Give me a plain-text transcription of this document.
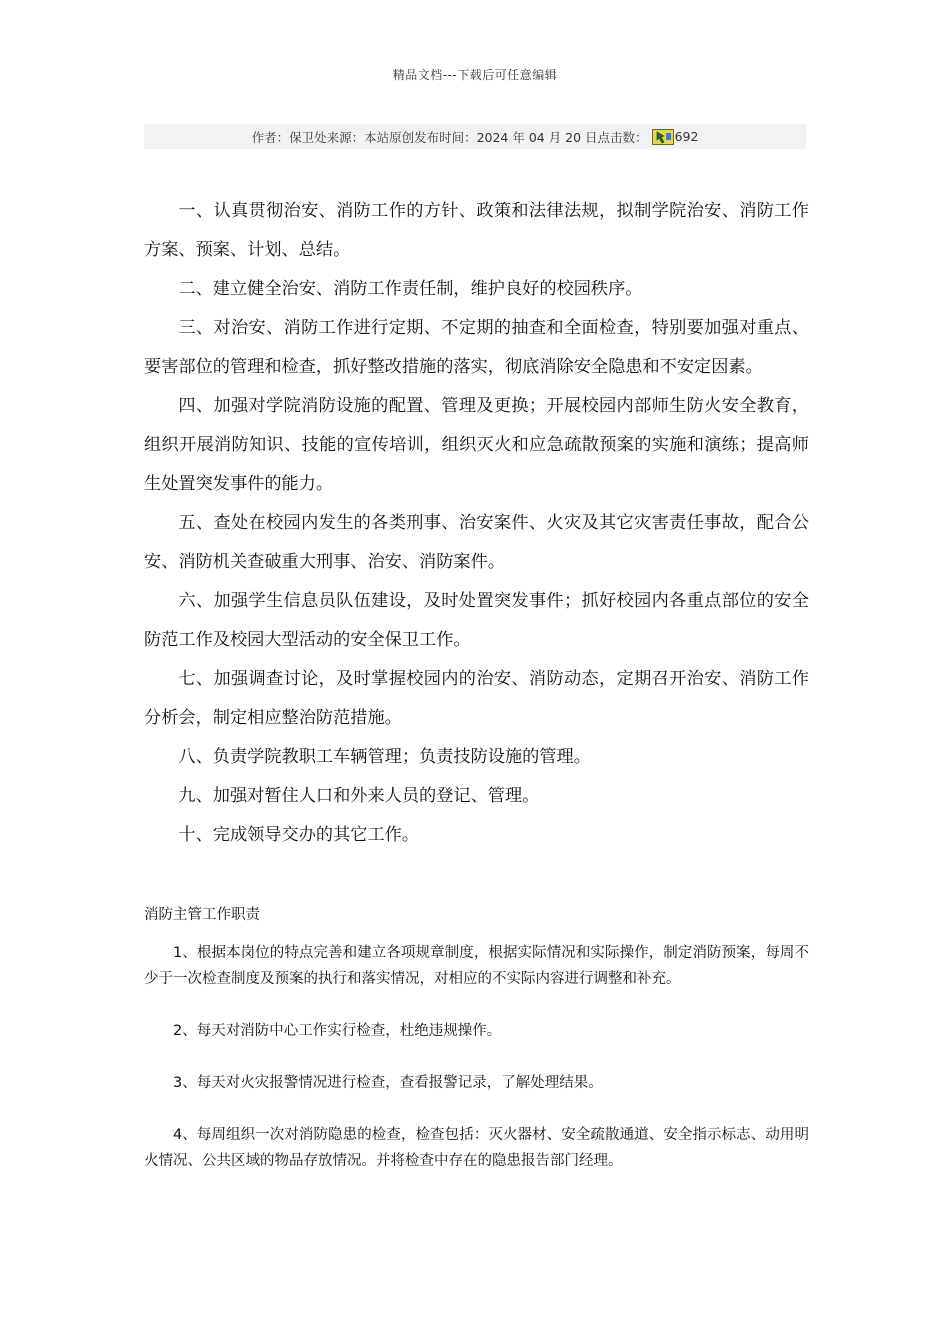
精品文档---下载后可任意编辑
作者：保卫处来源：本站原创发布时间：2024 年 04 月 20 日点击数： 692

一、认真贯彻治安、消防工作的方针、政策和法律法规，拟制学院治安、消防工作方案、预案、计划、总结。

二、建立健全治安、消防工作责任制，维护良好的校园秩序。

三、对治安、消防工作进行定期、不定期的抽查和全面检查，特别要加强对重点、要害部位的管理和检查，抓好整改措施的落实，彻底消除安全隐患和不安定因素。

四、加强对学院消防设施的配置、管理及更换；开展校园内部师生防火安全教育，组织开展消防知识、技能的宣传培训，组织灭火和应急疏散预案的实施和演练；提高师生处置突发事件的能力。

五、查处在校园内发生的各类刑事、治安案件、火灾及其它灾害责任事故，配合公安、消防机关查破重大刑事、治安、消防案件。

六、加强学生信息员队伍建设，及时处置突发事件；抓好校园内各重点部位的安全防范工作及校园大型活动的安全保卫工作。

七、加强调查讨论，及时掌握校园内的治安、消防动态，定期召开治安、消防工作分析会，制定相应整治防范措施。

八、负责学院教职工车辆管理；负责技防设施的管理。

九、加强对暂住人口和外来人员的登记、管理。

十、完成领导交办的其它工作。

消防主管工作职责

1、根据本岗位的特点完善和建立各项规章制度，根据实际情况和实际操作，制定消防预案，每周不少于一次检查制度及预案的执行和落实情况，对相应的不实际内容进行调整和补充。

2、每天对消防中心工作实行检查，杜绝违规操作。

3、每天对火灾报警情况进行检查，查看报警记录，了解处理结果。

4、每周组织一次对消防隐患的检查，检查包括：灭火器材、安全疏散通道、安全指示标志、动用明火情况、公共区域的物品存放情况。并将检查中存在的隐患报告部门经理。
